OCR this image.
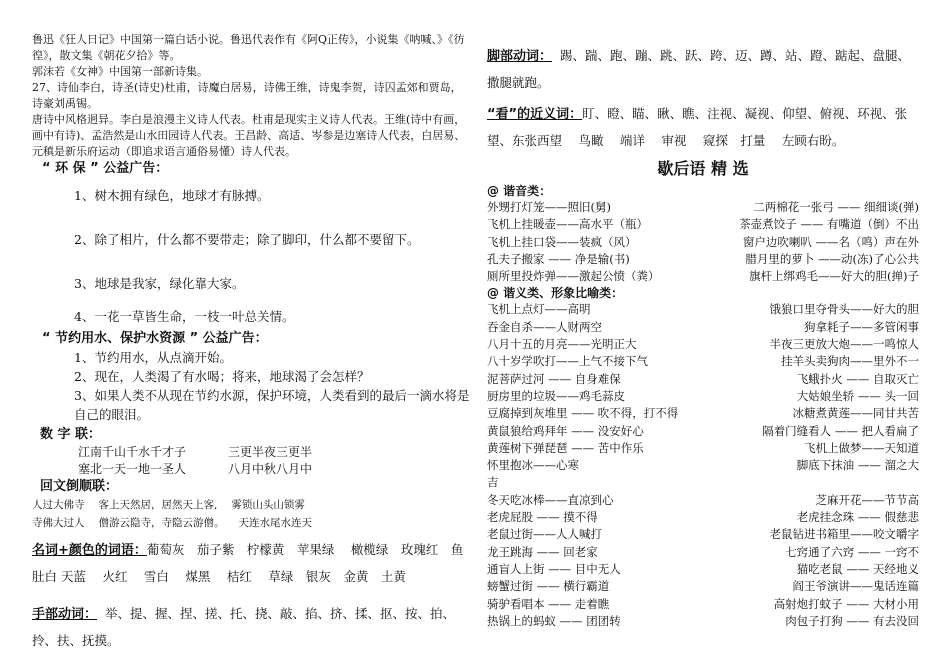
鲁迅《狂人日记》中国第一篇白话小说。鲁迅代表作有《阿Q正传》，小说集《呐喊、》《彷徨》，散文集《朝花夕拾》等。

郭沫若《女神》中国第一部新诗集。

27、诗仙李白，诗圣(诗史)杜甫，诗魔白居易，诗佛王维，诗鬼李贺，诗囚孟郊和贾岛，诗豪刘禹锡。

唐诗中风格迥异。李白是浪漫主义诗人代表。杜甫是现实主义诗人代表。王维(诗中有画，画中有诗)、孟浩然是山水田园诗人代表。王昌龄、高适、岑参是边塞诗人代表，白居易、元稹是新乐府运动（即追求语言通俗易懂）诗人代表。

“ 环 保 ” 公益广告：

1、树木拥有绿色，地球才有脉搏。

2、除了相片，什么都不要带走；除了脚印，什么都不要留下。

3、地球是我家，绿化靠大家。

4、一花一草皆生命，一枝一叶总关情。

“ 节约用水、保护水资源 ” 公益广告：

1、节约用水，从点滴开始。

2、现在，人类渴了有水喝；将来，地球渴了会怎样？

3、如果人类不从现在节约水源，保护环境，人类看到的最后一滴水将是自己的眼泪。

数 字 联：

江南千山千水千才子	三更半夜三更半
塞北一天一地一圣人	八月中秋八月中

回文倒顺联：

人过大佛寺 客上天然居，居然天上客, 雾锁山头山锁雾
寺佛大过人 僧游云隐寺，寺隐云游僧。 天连水尾水连天

名词+颜色的词语：葡萄灰　茄子紫　柠檬黄　苹果绿　 橄榄绿　玫瑰红　鱼肚白 天蓝　 火红　 雪白　 煤黑　 桔红　 草绿　银灰　金黄　土黄

手部动词： 举、提、握、捏、搓、托、挠、敲、掐、挤、揉、抠、按、拍、拎、扶、抚摸。

脚部动词： 踢、踹、跑、蹦、跳、跃、跨、迈、蹲、站、蹬、踮起、盘腿、撒腿就跑。

“看”的近义词：盯、瞪、瞄、瞅、瞧、注视、凝视、仰望、俯视、环视、张望、东张西望　 鸟瞰　 端详　 审视　 窥探　打量　 左顾右盼。

歇后语 精 选

@ 谐音类：

外甥打灯笼——照旧(舅)	二两棉花一张弓 —— 细细谈(弹)
飞机上挂暖壶——高水平（瓶）	茶壶煮饺子 —— 有嘴道（倒）不出
飞机上挂口袋——装疯（风）	窗户边吹喇叭 ——名（鸣）声在外
孔夫子搬家 —— 净是输(书)	腊月里的萝卜 ——动(冻)了心公共
厕所里投炸弹——激起公愤（粪）	旗杆上绑鸡毛——好大的胆(掸)子

@ 谐义类、形象比喻类：

飞机上点灯——高明	饿狼口里夺骨头——好大的胆
吞金自杀——人财两空	狗拿耗子——多管闲事
八月十五的月亮——光明正大	半夜三更放大炮——一鸣惊人
八十岁学吹打——上气不接下气	挂羊头卖狗肉——里外不一
泥菩萨过河 —— 自身难保	飞蛾扑火 —— 自取灭亡
厨房里的垃圾——鸡毛蒜皮	大姑娘坐轿 —— 头一回
豆腐掉到灰堆里 —— 吹不得，打不得	冰糖煮黄莲——同甘共苦
黄鼠狼给鸡拜年 —— 没安好心	隔着门缝看人 —— 把人看扁了
黄莲树下弹琵琶 —— 苦中作乐	飞机上做梦——天知道
怀里抱冰——心寒	脚底下抹油 —— 溜之大
吉
冬天吃冰棒——直凉到心	芝麻开花——节节高
老虎屁股 —— 摸不得	老虎挂念珠 —— 假慈悲
老鼠过街——人人喊打	老鼠钻进书箱里——咬文嚼字
龙王跳海 —— 回老家	七窍通了六窍 —— 一窍不
通盲人上街 —— 目中无人	猫吃老鼠 —— 天经地义
螃蟹过街 —— 横行霸道	阎王爷演讲——鬼话连篇
骑驴看唱本 —— 走着瞧	高射炮打蚊子 —— 大材小用
热锅上的蚂蚁 —— 团团转	肉包子打狗 —— 有去没回
